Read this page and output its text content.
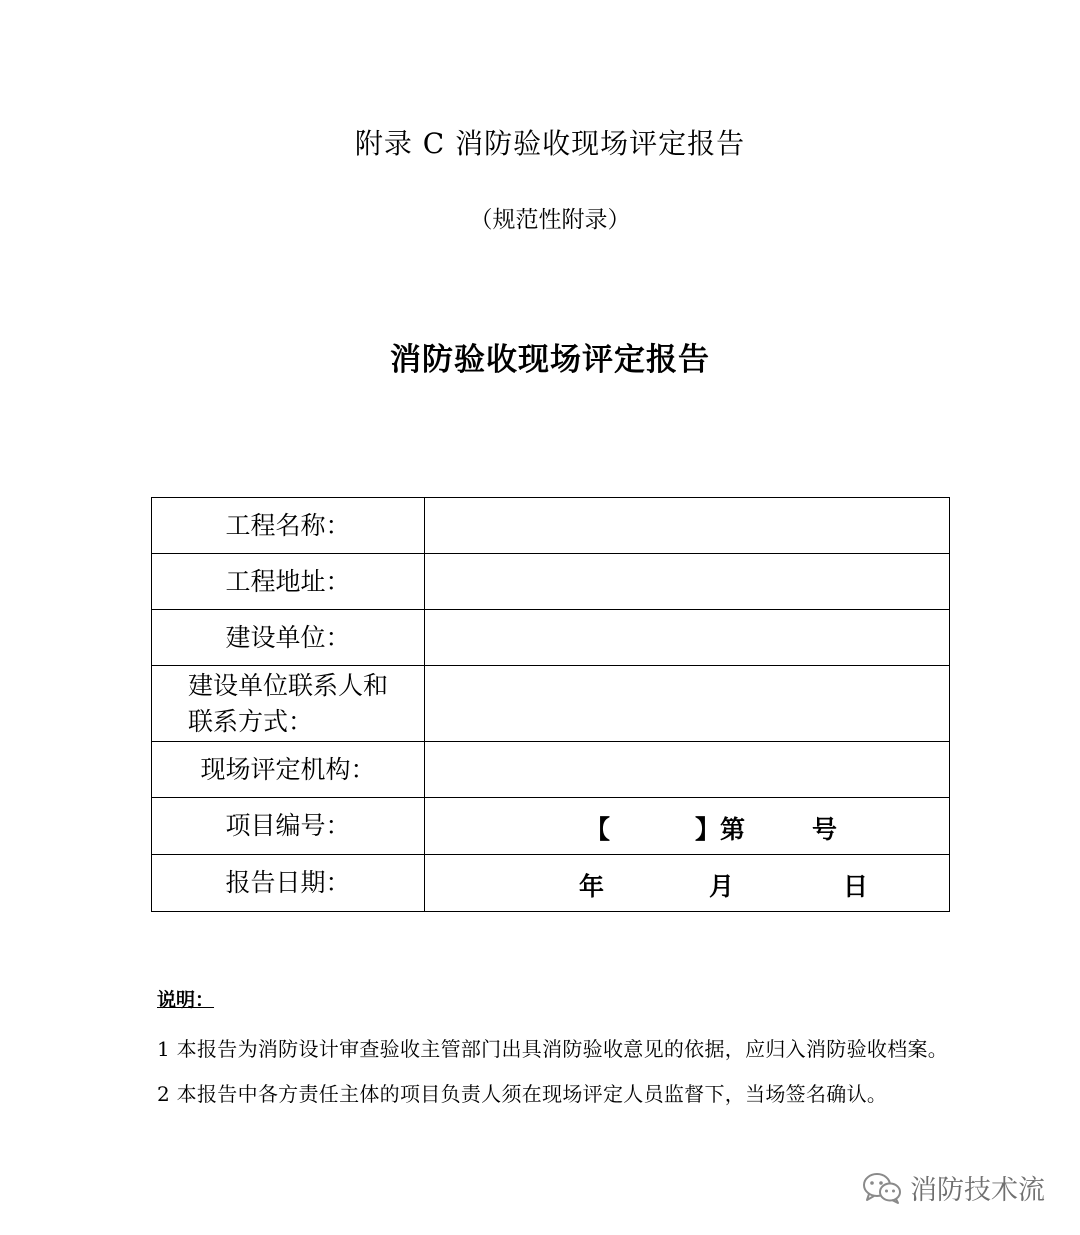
附录 C 消防验收现场评定报告
（规范性附录）
消防验收现场评定报告
工程名称：	
工程地址：	
建设单位：	

建设单位联系人和
联系方式：	

现场评定机构：	
项目编号：	【 】第 号

报告日期：	年 月 日
说明：
1 本报告为消防设计审查验收主管部门出具消防验收意见的依据，应归入消防验收档案。
2 本报告中各方责任主体的项目负责人须在现场评定人员监督下，当场签名确认。
消防技术流
